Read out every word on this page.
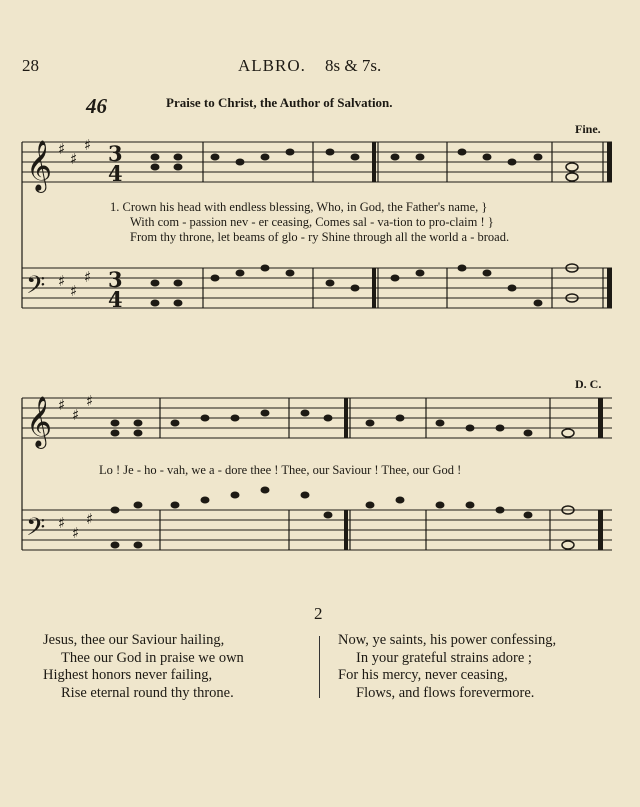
28	ALBRO. 8s & 7s.
46	Praise to Christ, the Author of Salvation.
Fine.
D. C.
𝄞
𝄢
𝄞
𝄢
♯
♯
♯
♯
♯
♯
♯
♯
♯
♯
♯
♯
3
4
3
4
1. Crown his head with endless blessing, Who, in God, the Father's name, }
With com - passion nev - er ceasing, Comes sal - va-tion to pro-claim ! }
From thy throne, let beams of glo - ry Shine through all the world a - broad.
Lo ! Je - ho - vah, we a - dore thee ! Thee, our Saviour ! Thee, our God !
2
Jesus, thee our Saviour hailing,
Thee our God in praise we own
Highest honors never failing,
Rise eternal round thy throne.
Now, ye saints, his power confessing,
In your grateful strains adore ;
For his mercy, never ceasing,
Flows, and flows forevermore.
